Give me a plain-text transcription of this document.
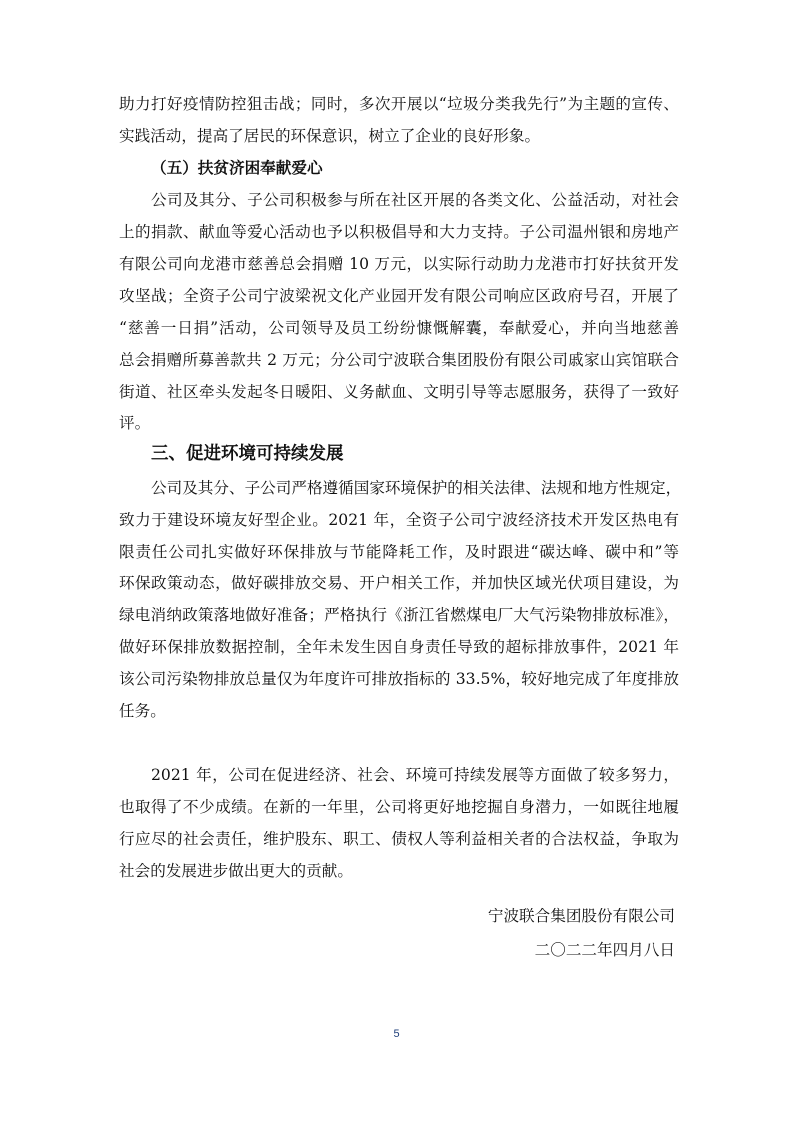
助力打好疫情防控狙击战；同时，多次开展以“垃圾分类我先行”为主题的宣传、
实践活动，提高了居民的环保意识，树立了企业的良好形象。
（五）扶贫济困奉献爱心
公司及其分、子公司积极参与所在社区开展的各类文化、公益活动，对社会
上的捐款、献血等爱心活动也予以积极倡导和大力支持。子公司温州银和房地产
有限公司向龙港市慈善总会捐赠 10 万元，以实际行动助力龙港市打好扶贫开发
攻坚战；全资子公司宁波梁祝文化产业园开发有限公司响应区政府号召，开展了
“慈善一日捐”活动，公司领导及员工纷纷慷慨解囊，奉献爱心，并向当地慈善
总会捐赠所募善款共 2 万元；分公司宁波联合集团股份有限公司戚家山宾馆联合
街道、社区牵头发起冬日暖阳、义务献血、文明引导等志愿服务，获得了一致好
评。
三、促进环境可持续发展
公司及其分、子公司严格遵循国家环境保护的相关法律、法规和地方性规定，
致力于建设环境友好型企业。2021 年，全资子公司宁波经济技术开发区热电有
限责任公司扎实做好环保排放与节能降耗工作，及时跟进“碳达峰、碳中和”等
环保政策动态，做好碳排放交易、开户相关工作，并加快区域光伏项目建设，为
绿电消纳政策落地做好准备；严格执行《浙江省燃煤电厂大气污染物排放标准》，
做好环保排放数据控制，全年未发生因自身责任导致的超标排放事件，2021 年
该公司污染物排放总量仅为年度许可排放指标的 33.5%，较好地完成了年度排放
任务。
2021 年，公司在促进经济、社会、环境可持续发展等方面做了较多努力，
也取得了不少成绩。在新的一年里，公司将更好地挖掘自身潜力，一如既往地履
行应尽的社会责任，维护股东、职工、债权人等利益相关者的合法权益，争取为
社会的发展进步做出更大的贡献。
宁波联合集团股份有限公司
二〇二二年四月八日
5
